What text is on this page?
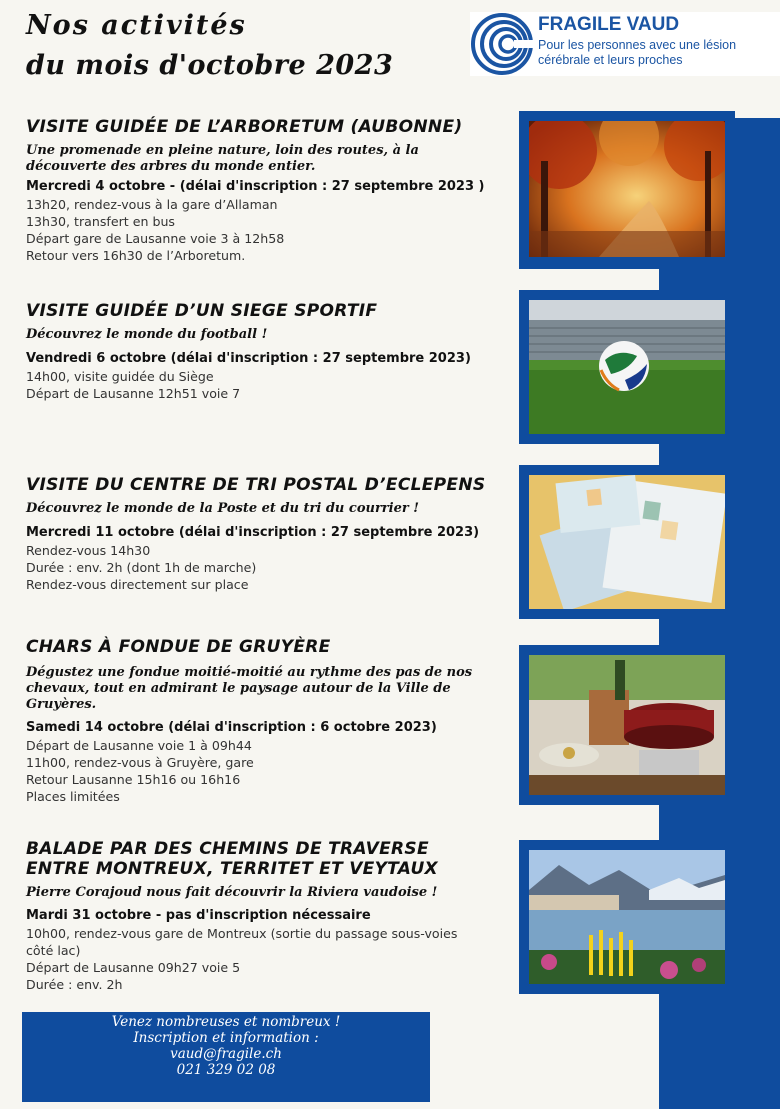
Nos activités
du mois d'octobre 2023
FRAGILE VAUD
Pour les personnes avec une lésion cérébrale et leurs proches
VISITE GUIDÉE DE L’ARBORETUM (AUBONNE)

Une promenade en pleine nature, loin des routes, à la découverte des arbres du monde entier.

Mercredi 4 octobre - (délai d'inscription : 27 septembre 2023 )

13h20, rendez-vous à la gare d’Allaman

13h30, transfert en bus

Départ gare de Lausanne voie 3 à 12h58

Retour vers 16h30 de l’Arboretum.

VISITE GUIDÉE D’UN SIEGE SPORTIF

Découvrez le monde du football !

Vendredi 6 octobre (délai d'inscription : 27 septembre 2023)

14h00, visite guidée du Siège

Départ de Lausanne 12h51 voie 7

VISITE DU CENTRE DE TRI POSTAL D’ECLEPENS

Découvrez le monde de la Poste et du tri du courrier !

Mercredi 11 octobre (délai d'inscription : 27 septembre 2023)

Rendez-vous 14h30

Durée : env. 2h (dont 1h de marche)

Rendez-vous directement sur place

CHARS À FONDUE DE GRUYÈRE

Dégustez une fondue moitié-moitié au rythme des pas de nos chevaux, tout en admirant le paysage autour de la Ville de Gruyères.

Samedi 14 octobre (délai d'inscription : 6 octobre 2023)

Départ de Lausanne voie 1 à 09h44

11h00, rendez-vous à Gruyère, gare

Retour Lausanne 15h16 ou 16h16

Places limitées

BALADE PAR DES CHEMINS DE TRAVERSE ENTRE MONTREUX, TERRITET ET VEYTAUX

Pierre Corajoud nous fait découvrir la Riviera vaudoise !

Mardi 31 octobre - pas d'inscription nécessaire

10h00, rendez-vous gare de Montreux (sortie du passage sous-voies côté lac)

Départ de Lausanne 09h27 voie 5

Durée : env. 2h

Venez nombreuses et nombreux !
Inscription et information :
vaud@fragile.ch
021 329 02 08
